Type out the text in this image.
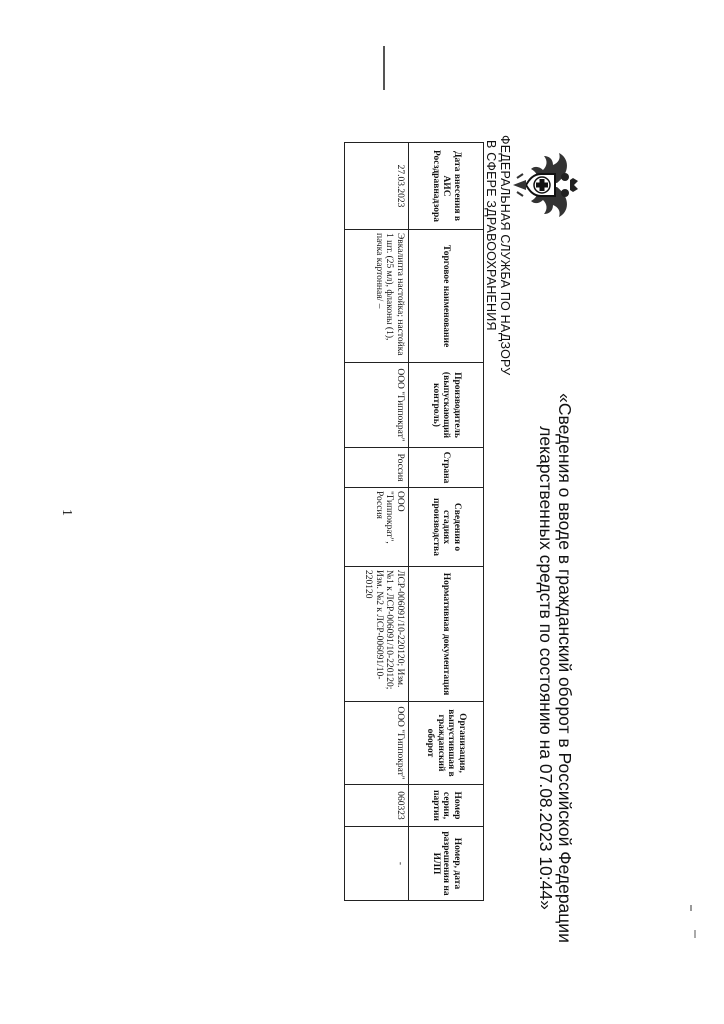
ФЕДЕРАЛЬНАЯ СЛУЖБА ПО НАДЗОРУ
В СФЕРЕ ЗДРАВООХРАНЕНИЯ
«Сведения о вводе в гражданский оборот в Российской Федерации
лекарственных средств по состоянию на 07.08.2023 10:44»
Дата внесения в АИС Росздравнадзора	Торговое наименование	Производитель (выпускающий контроль)	Страна	Сведения о стадиях производства	Нормативная документация	Организация, выпустившая в гражданский оборот	Номер серии, партии	Номер, дата разрешения на ИЛП
27.03.2023	Эвкалипта настойка; настойка 1 шт. (25 мл), флаконы (1), пачка картонная/ –	ООО "Гиппократ"	Россия	ООО "Гиппократ", Россия	ЛСР-006091/10-220120; Изм. №1 к ЛСР-006091/10-220120; Изм. №2 к ЛСР-006091/10-220120	ООО "Гиппократ"	060323	-
1
